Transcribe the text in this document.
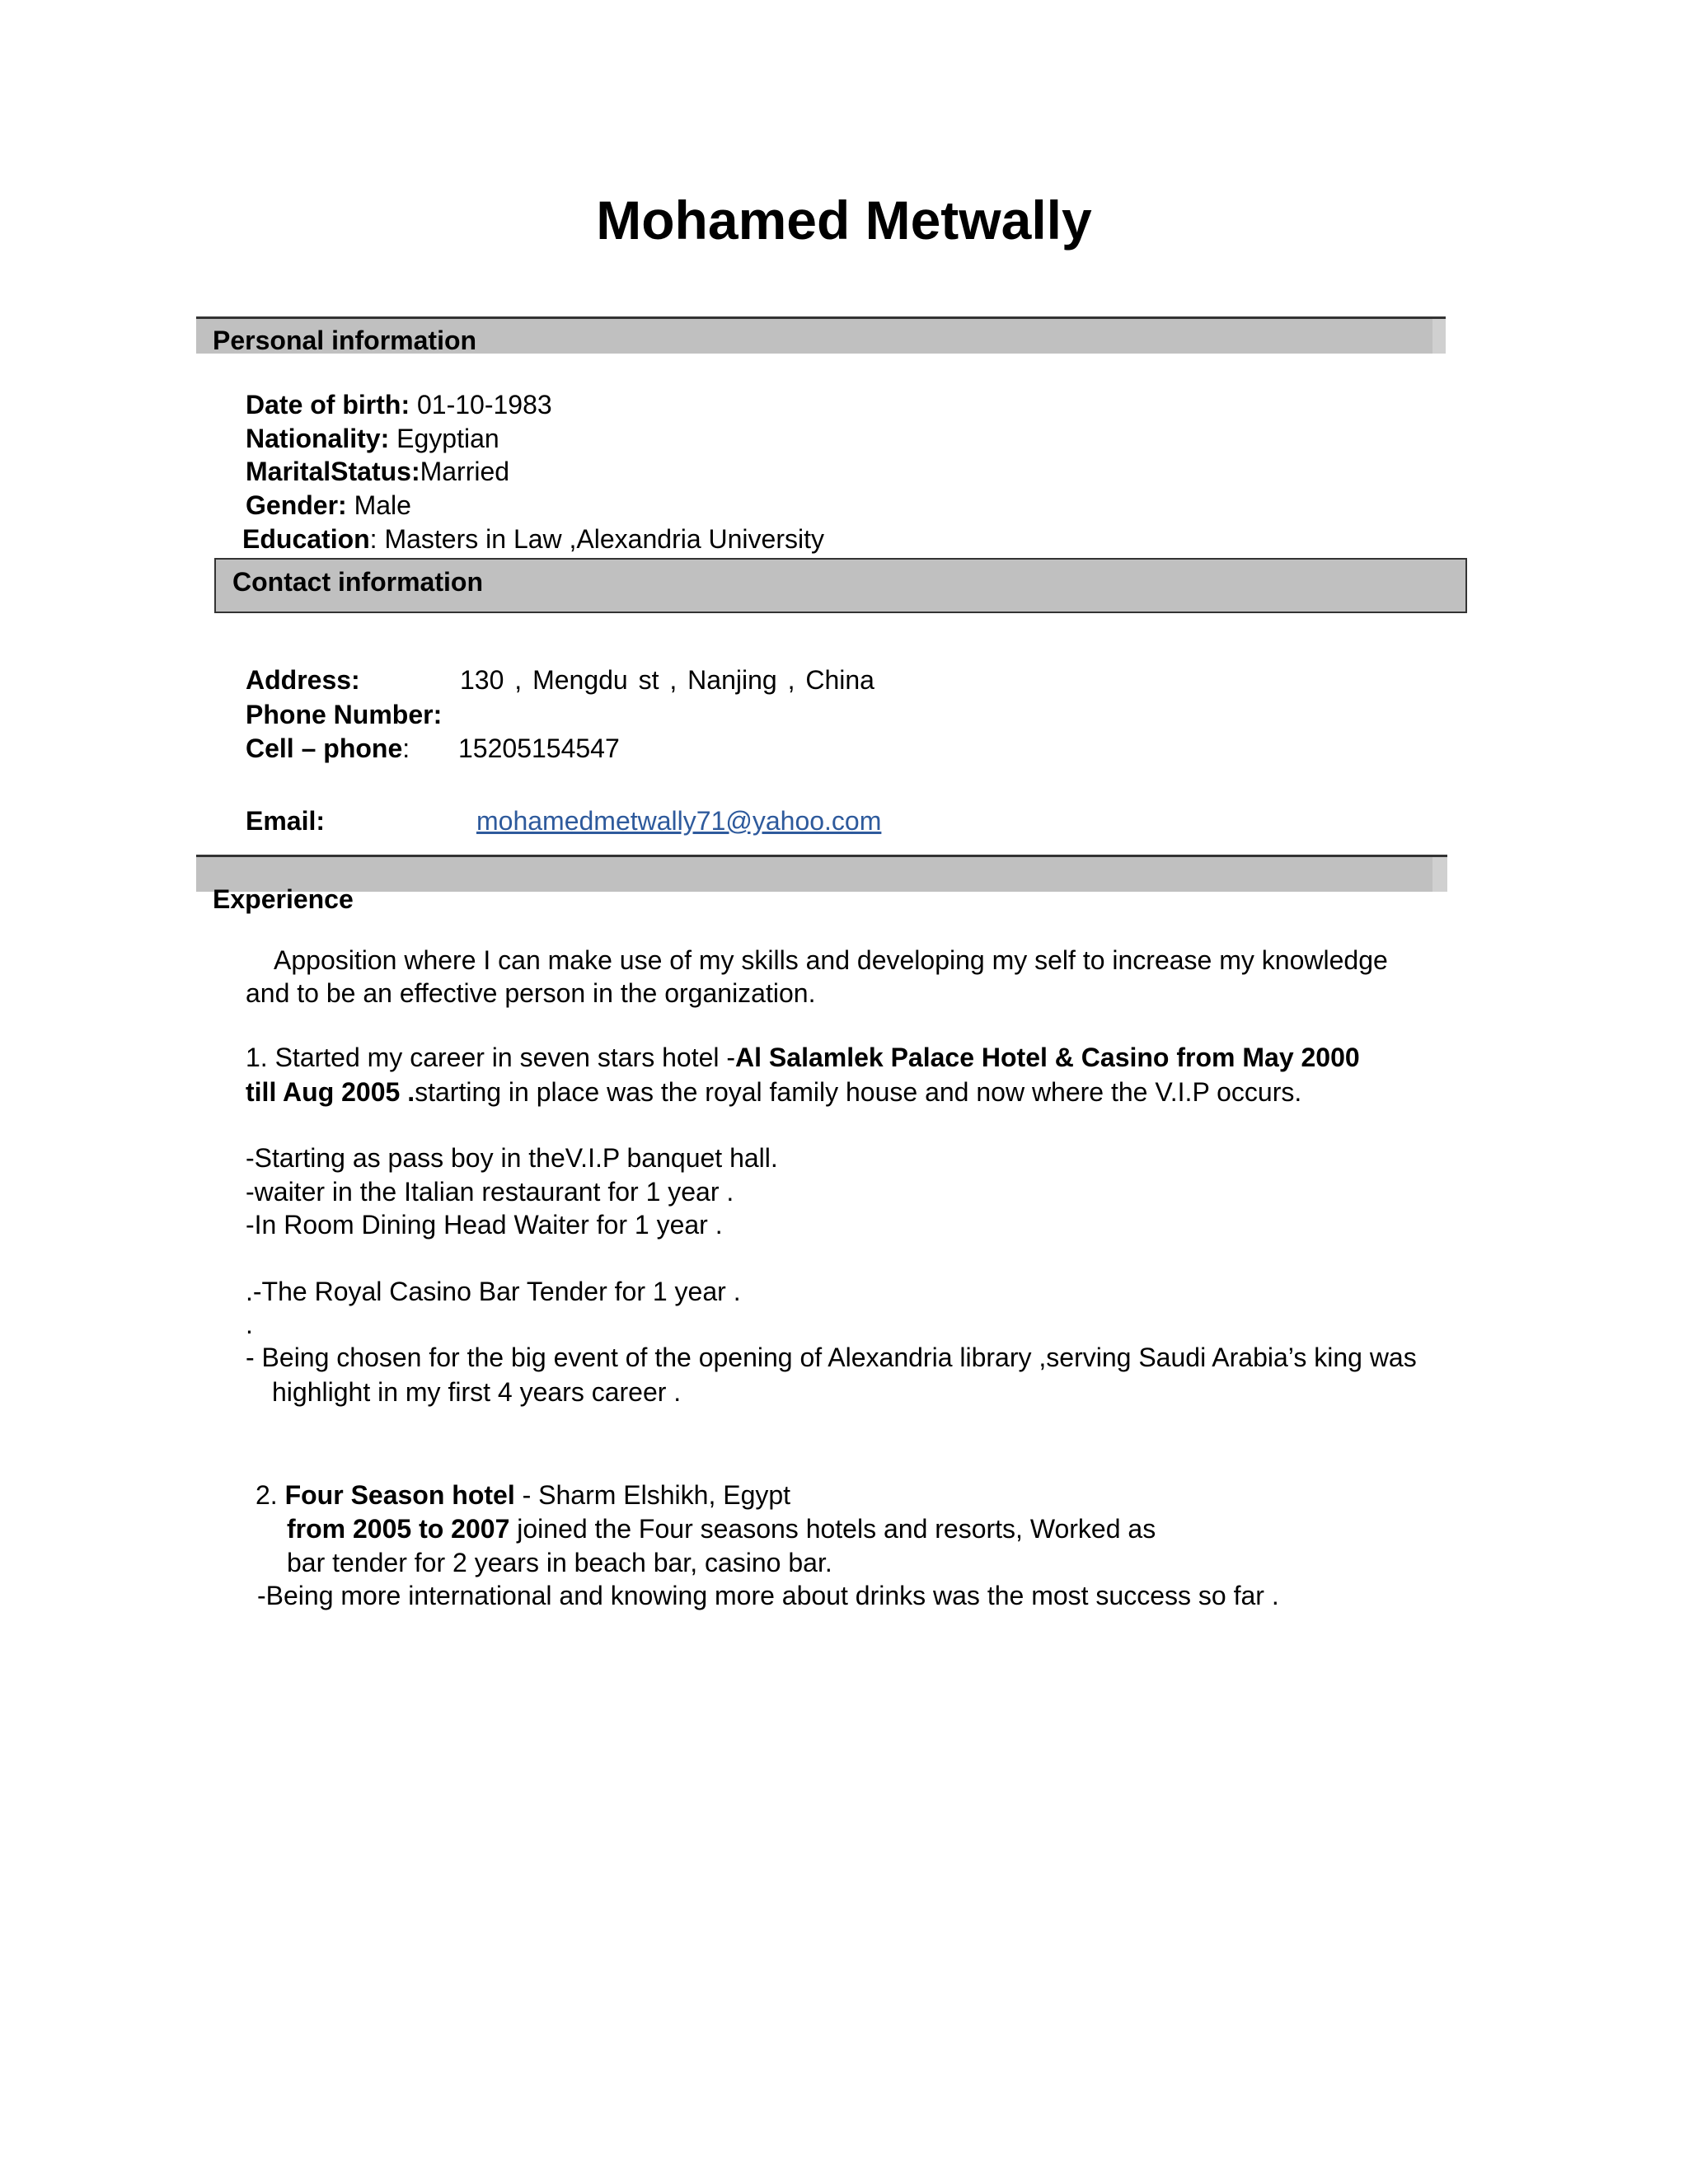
Mohamed Metwally
Personal information
Date of birth: 01-10-1983
Nationality: Egyptian
MaritalStatus:Married
Gender: Male
Education: Masters in Law ,Alexandria University
Contact information
Address:	130 , Mengdu st , Nanjing , China
Phone Number:
Cell – phone: 15205154547
Email:	mohamedmetwally71@yahoo.com
Experience
Apposition where I can make use of my skills and developing my self to increase my knowledge
and to be an effective person in the organization.
1. Started my career in seven stars hotel -Al Salamlek Palace Hotel & Casino from May 2000
till Aug 2005 .starting in place was the royal family house and now where the V.I.P occurs.
-Starting as pass boy in theV.I.P banquet hall.
-waiter in the Italian restaurant for 1 year .
-In Room Dining Head Waiter for 1 year .
.-The Royal Casino Bar Tender for 1 year .
.
- Being chosen for the big event of the opening of Alexandria library ,serving Saudi Arabia’s king was
highlight in my first 4 years career .
2. Four Season hotel - Sharm Elshikh, Egypt
from 2005 to 2007 joined the Four seasons hotels and resorts, Worked as
bar tender for 2 years in beach bar, casino bar.
-Being more international and knowing more about drinks was the most success so far .
